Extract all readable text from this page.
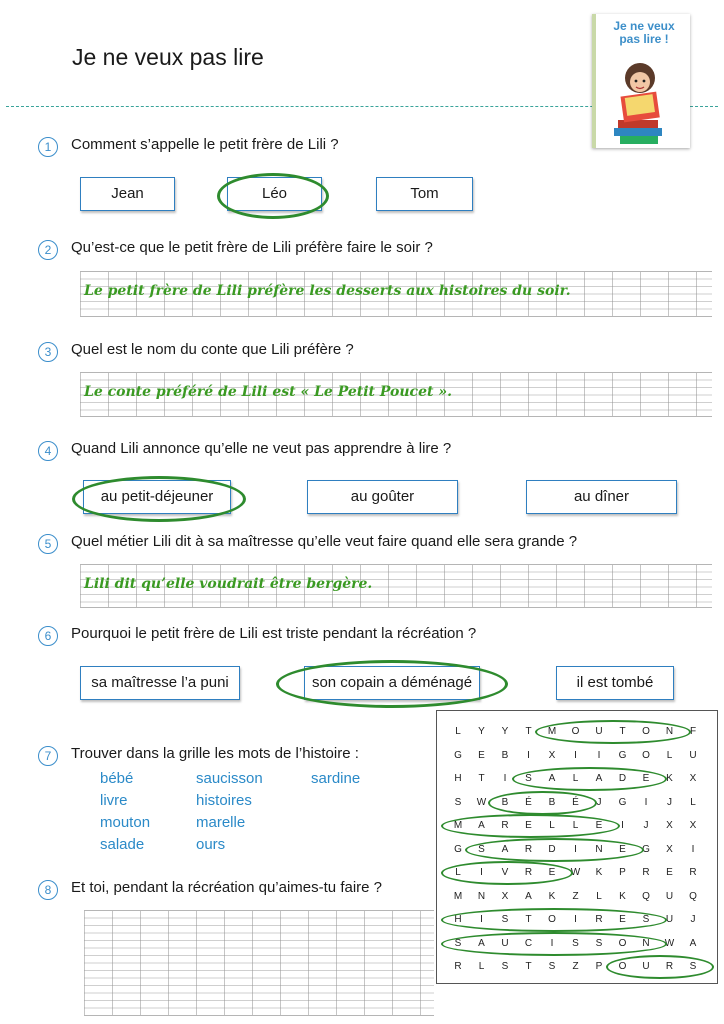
Je ne veux pas lire
Je ne veux pas lire !
1	Comment s’appelle le petit frère de Lili ?
Jean	Léo	Tom
2	Qu’est-ce que le petit frère de Lili préfère faire le soir ?
Le petit frère de Lili préfère les desserts aux histoires du soir.
3	Quel est le nom du conte que Lili préfère ?
Le conte préféré de Lili est « Le Petit Poucet ».
4	Quand Lili annonce qu’elle ne veut pas apprendre à lire ?
au petit-déjeuner	au goûter	au dîner
5	Quel métier Lili dit à sa maîtresse qu’elle veut faire quand elle sera grande ?
Lili dit qu’elle voudrait être bergère.
6	Pourquoi le petit frère de Lili est triste pendant la récréation ?
sa maîtresse l’a puni	son copain a déménagé	il est tombé
7	Trouver dans la grille les mots de l’histoire :
bébé
livre
mouton
salade
saucisson
histoires
marelle
ours
sardine
L	Y	Y	T	M	O	U	T	O	N	F
G	E	B	I	X	I	I	G	O	L	U
H	T	I	S	A	L	A	D	E	K	X
S	W	B	É	B	É	J	G	I	J	L
M	A	R	E	L	L	E	I	J	X	X
G	S	A	R	D	I	N	E	G	X	I
L	I	V	R	E	W	K	P	R	E	R
M	N	X	A	K	Z	L	K	Q	U	Q
H	I	S	T	O	I	R	E	S	U	J
S	A	U	C	I	S	S	O	N	W	A
R	L	S	T	S	Z	P	O	U	R	S
8	Et toi, pendant la récréation qu’aimes-tu faire ?
